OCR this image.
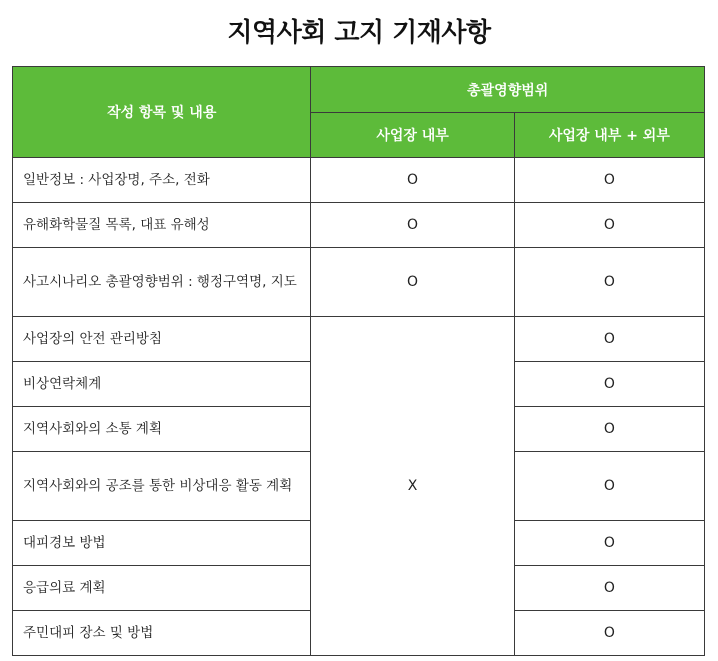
지역사회 고지 기재사항
작성 항목 및 내용	총괄영향범위	
	사업장 내부	사업장 내부 + 외부
일반정보 : 사업장명, 주소, 전화	O	O
유해화학물질 목록, 대표 유해성	O	O
사고시나리오 총괄영향범위 : 행정구역명, 지도	O	O
사업장의 안전 관리방침	X	O
비상연락체계		O
지역사회와의 소통 계획		O
지역사회와의 공조를 통한 비상대응 활동 계획		O
대피경보 방법		O
응급의료 계획		O
주민대피 장소 및 방법		O
